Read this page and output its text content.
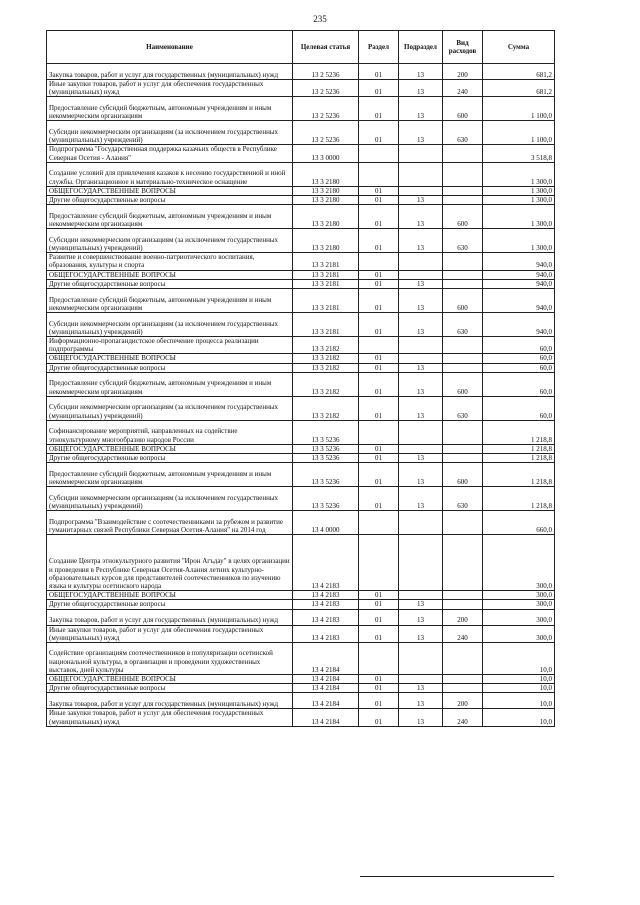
235
Наименование	Целевая статья	Раздел	Подраздел	Вид расходов	Сумма
Закупка товаров, работ и услуг для государственных (муниципальных) нужд	13 2 5236	01	13	200	681,2
Иные закупки товаров, работ и услуг для обеспечения государственных (муниципальных) нужд	13 2 5236	01	13	240	681,2
Предоставление субсидий бюджетным, автономным учреждениям и иным некоммерческим организациям	13 2 5236	01	13	600	1 100,0
Субсидии некоммерческим организациям (за исключением государственных (муниципальных) учреждений)	13 2 5236	01	13	630	1 100,0
Подпрограмма "Государственная поддержка казачьих обществ в Республике Северная Осетия - Алания"	13 3 0000				3 518,8
Создание условий для привлечения казаков к несению государственной и иной службы. Организационное и материально-техническое оснащение	13 3 2180				1 300,0
ОБЩЕГОСУДАРСТВЕННЫЕ ВОПРОСЫ	13 3 2180	01			1 300,0
Другие общегосударственные вопросы	13 3 2180	01	13		1 300,0
Предоставление субсидий бюджетным, автономным учреждениям и иным некоммерческим организациям	13 3 2180	01	13	600	1 300,0
Субсидии некоммерческим организациям (за исключением государственных (муниципальных) учреждений)	13 3 2180	01	13	630	1 300,0
Развитие и совершенствование военно-патриотического воспитания, образования, культуры и спорта	13 3 2181				940,0
ОБЩЕГОСУДАРСТВЕННЫЕ ВОПРОСЫ	13 3 2181	01			940,0
Другие общегосударственные вопросы	13 3 2181	01	13		940,0
Предоставление субсидий бюджетным, автономным учреждениям и иным некоммерческим организациям	13 3 2181	01	13	600	940,0
Субсидии некоммерческим организациям (за исключением государственных (муниципальных) учреждений)	13 3 2181	01	13	630	940,0
Информационно-пропагандистское обеспечение процесса реализации подпрограммы	13 3 2182				60,0
ОБЩЕГОСУДАРСТВЕННЫЕ ВОПРОСЫ	13 3 2182	01			60,0
Другие общегосударственные вопросы	13 3 2182	01	13		60,0
Предоставление субсидий бюджетным, автономным учреждениям и иным некоммерческим организациям	13 3 2182	01	13	600	60,0
Субсидии некоммерческим организациям (за исключением государственных (муниципальных) учреждений)	13 3 2182	01	13	630	60,0
Софинансирование мероприятий, направленных на содействие этнокультурному многообразию народов России	13 3 5236				1 218,8
ОБЩЕГОСУДАРСТВЕННЫЕ ВОПРОСЫ	13 3 5236	01			1 218,8
Другие общегосударственные вопросы	13 3 5236	01	13		1 218,8
Предоставление субсидий бюджетным, автономным учреждениям и иным некоммерческим организациям	13 3 5236	01	13	600	1 218,8
Субсидии некоммерческим организациям (за исключением государственных (муниципальных) учреждений)	13 3 5236	01	13	630	1 218,8
Подпрограмма "Взаимодействие с соотечественниками за рубежом и развитие гуманитарных связей Республики Северная Осетия-Алания" на 2014 год	13 4 0000				660,0
Создание Центра этнокультурного развития "Ирон Агъдау" в целях организации и проведения в Республике Северная Осетия-Алания летних культурно-образовательных курсов для представителей соотечественников по изучению языка и культуры осетинского народа	13 4 2183				300,0
ОБЩЕГОСУДАРСТВЕННЫЕ ВОПРОСЫ	13 4 2183	01			300,0
Другие общегосударственные вопросы	13 4 2183	01	13		300,0
Закупка товаров, работ и услуг для государственных (муниципальных) нужд	13 4 2183	01	13	200	300,0
Иные закупки товаров, работ и услуг для обеспечения государственных (муниципальных) нужд	13 4 2183	01	13	240	300,0
Содействие организациям соотечественников в популяризации осетинской национальной культуры, в организации и проведении художественных выставок, дней культуры	13 4 2184				10,0
ОБЩЕГОСУДАРСТВЕННЫЕ ВОПРОСЫ	13 4 2184	01			10,0
Другие общегосударственные вопросы	13 4 2184	01	13		10,0
Закупка товаров, работ и услуг для государственных (муниципальных) нужд	13 4 2184	01	13	200	10,0
Иные закупки товаров, работ и услуг для обеспечения государственных (муниципальных) нужд	13 4 2184	01	13	240	10,0
